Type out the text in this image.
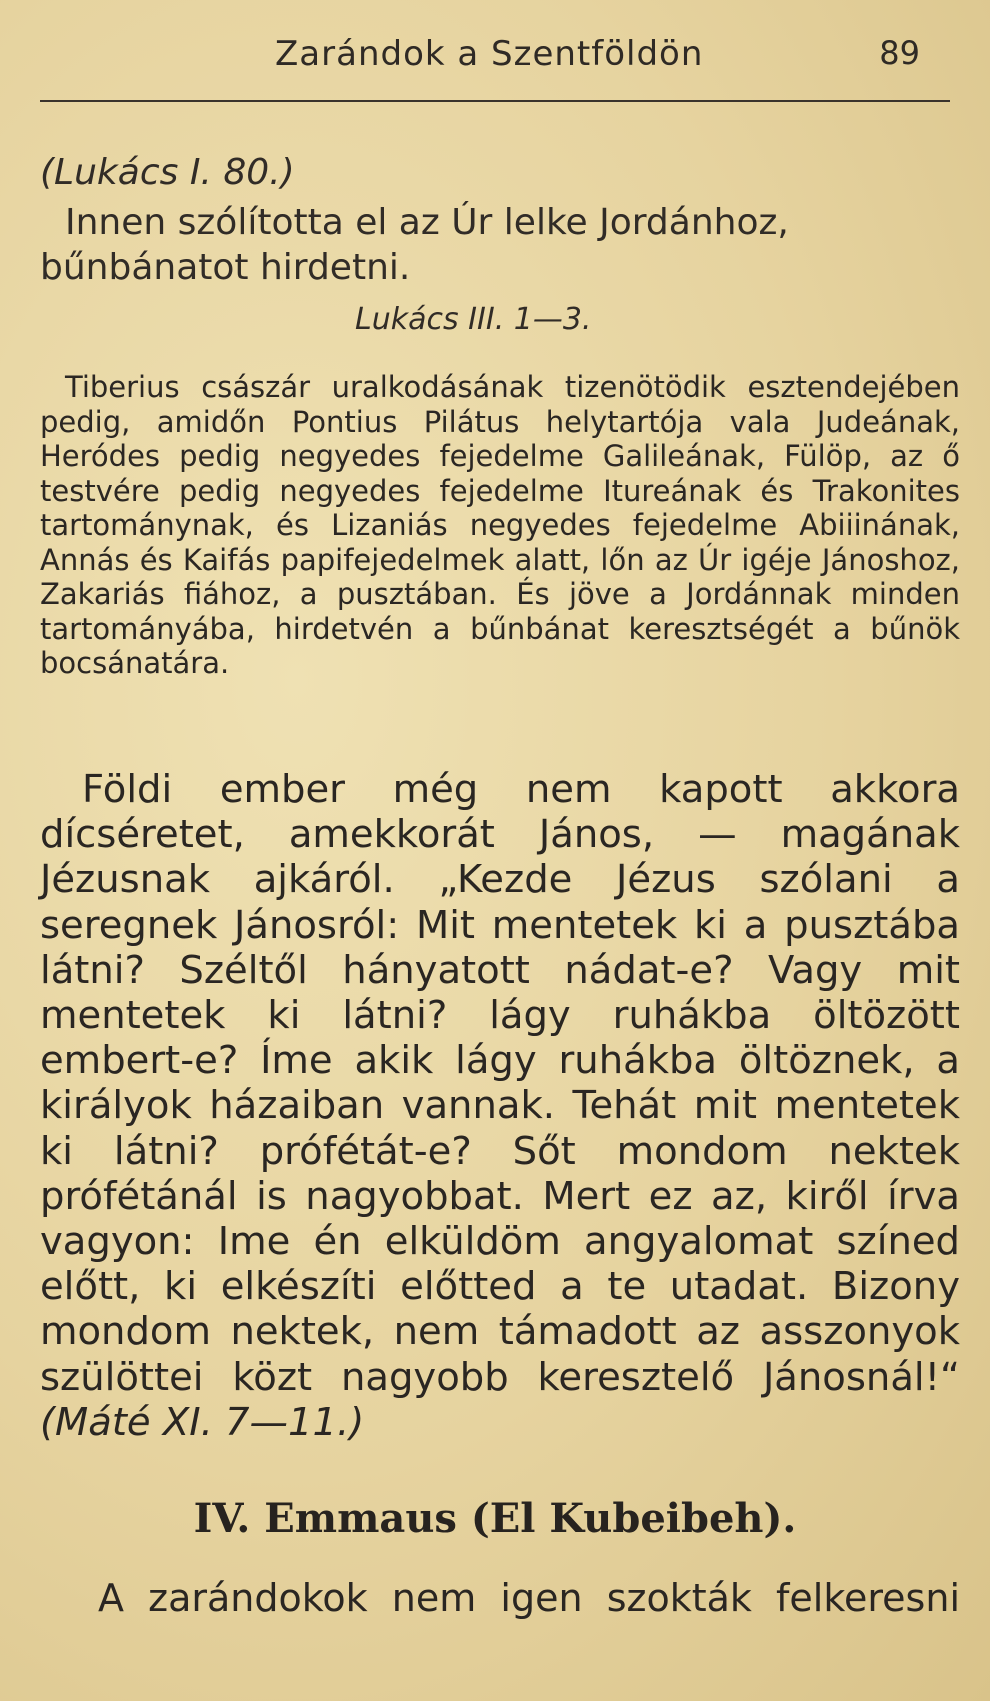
Zarándok a Szentföldön	89
(Lukács I. 80.)
Innen szólította el az Úr lelke Jordánhoz,
bűnbánatot hirdetni.
Lukács III. 1—3.
Tiberius császár uralkodásának tizenötödik esztendejében pedig, amidőn Pontius Pilátus helytartója vala Judeának, Heródes pedig negyedes fejedelme Galileának, Fülöp, az ő testvére pedig negyedes fejedelme Itureának és Trakonites tartománynak, és Lizaniás negyedes fejedelme Abiiinának, Annás és Kaifás papifejedelmek alatt, lőn az Úr igéje Jánoshoz, Zakariás fiához, a pusztában. És jöve a Jordánnak minden tartományába, hirdetvén a bűnbánat keresztségét a bűnök bocsánatára.
Földi ember még nem kapott akkora dícséretet, amekkorát János, — magának Jézusnak ajkáról. „Kezde Jézus szólani a seregnek Jánosról: Mit mentetek ki a pusztába látni? Széltől hányatott nádat-e? Vagy mit mentetek ki látni? lágy ruhákba öltözött embert-e? Íme akik lágy ruhákba öltöznek, a királyok házaiban vannak. Tehát mit mentetek ki látni? prófétát-e? Sőt mondom nektek prófétánál is nagyobbat. Mert ez az, kiről írva vagyon: Ime én elküldöm angyalomat színed előtt, ki elkészíti előtted a te utadat. Bizony mondom nektek, nem támadott az asszonyok szülöttei közt nagyobb keresztelő Jánosnál!“ (Máté XI. 7—11.)
IV. Emmaus (El Kubeibeh).
A zarándokok nem igen szokták felkeresni
